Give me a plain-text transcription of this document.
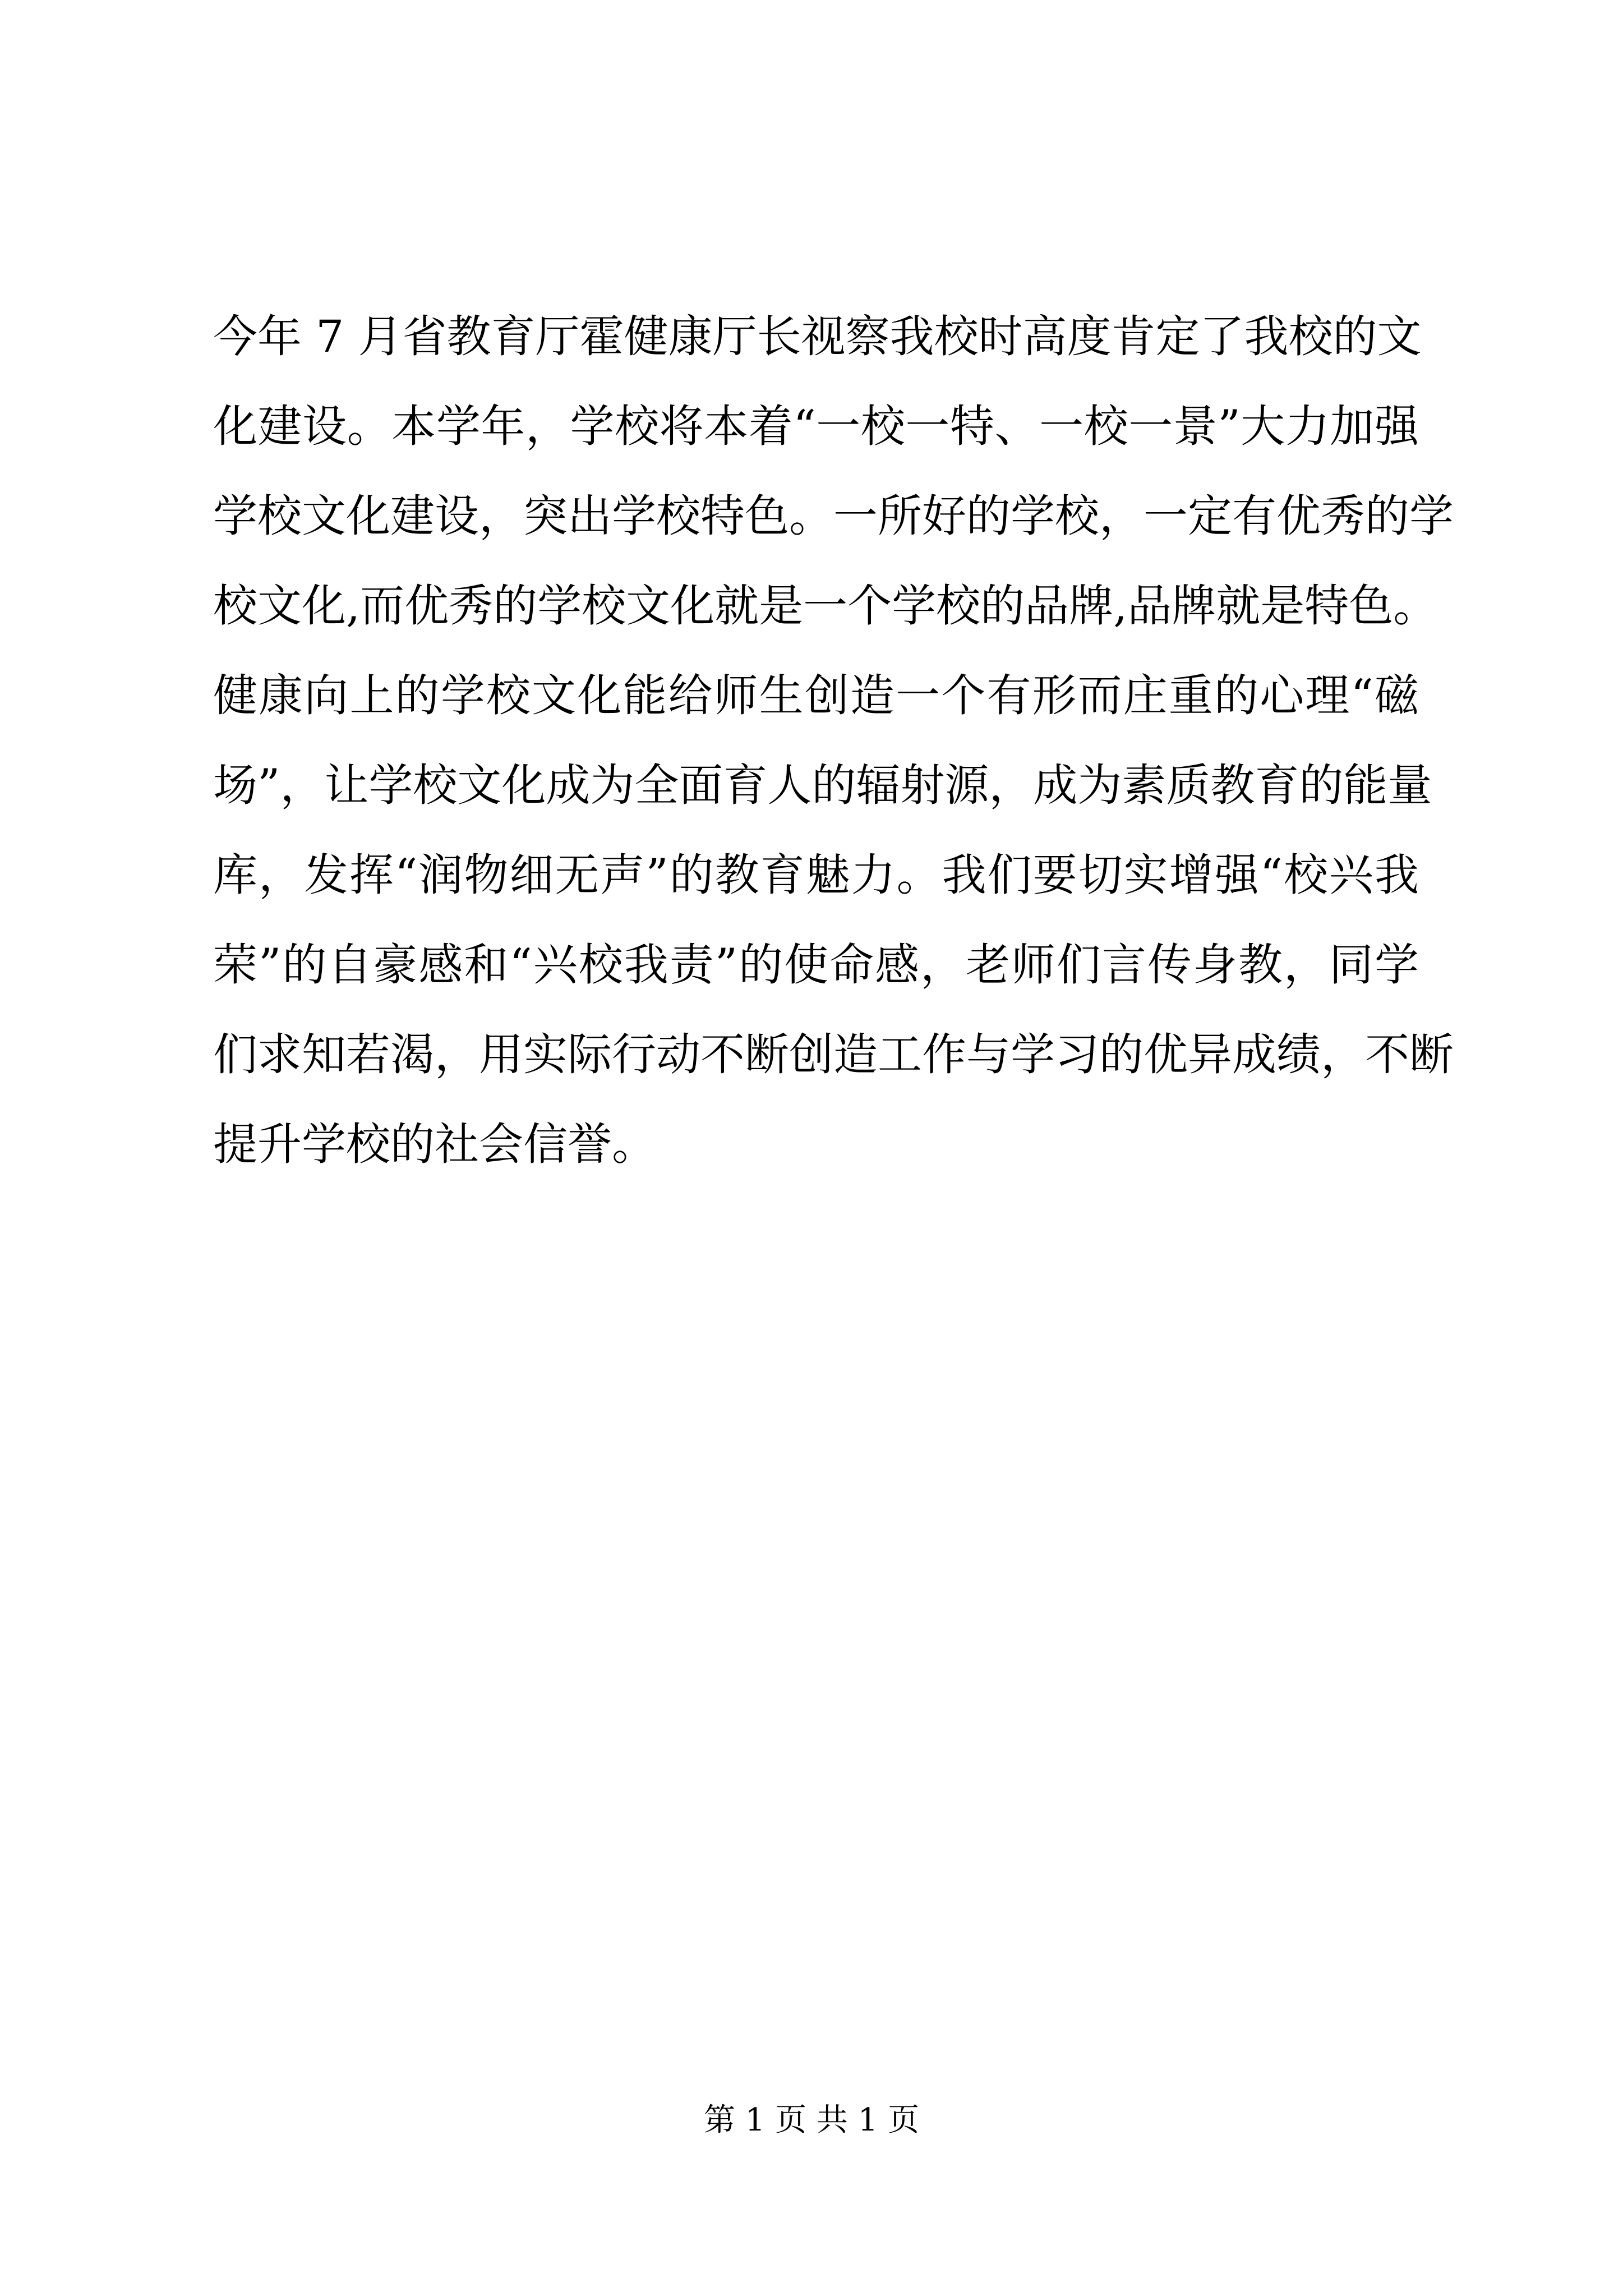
今年 7 月省教育厅霍健康厅长视察我校时高度肯定了我校的文
化建设。本学年，学校将本着“一校一特、一校一景”大力加强
学校文化建设，突出学校特色。一所好的学校，一定有优秀的学
校文化,而优秀的学校文化就是一个学校的品牌,品牌就是特色。
健康向上的学校文化能给师生创造一个有形而庄重的心理“磁
场”，让学校文化成为全面育人的辐射源，成为素质教育的能量
库，发挥“润物细无声”的教育魅力。我们要切实增强“校兴我
荣”的自豪感和“兴校我责”的使命感，老师们言传身教，同学
们求知若渴，用实际行动不断创造工作与学习的优异成绩，不断
提升学校的社会信誉。
第 1 页 共 1 页
